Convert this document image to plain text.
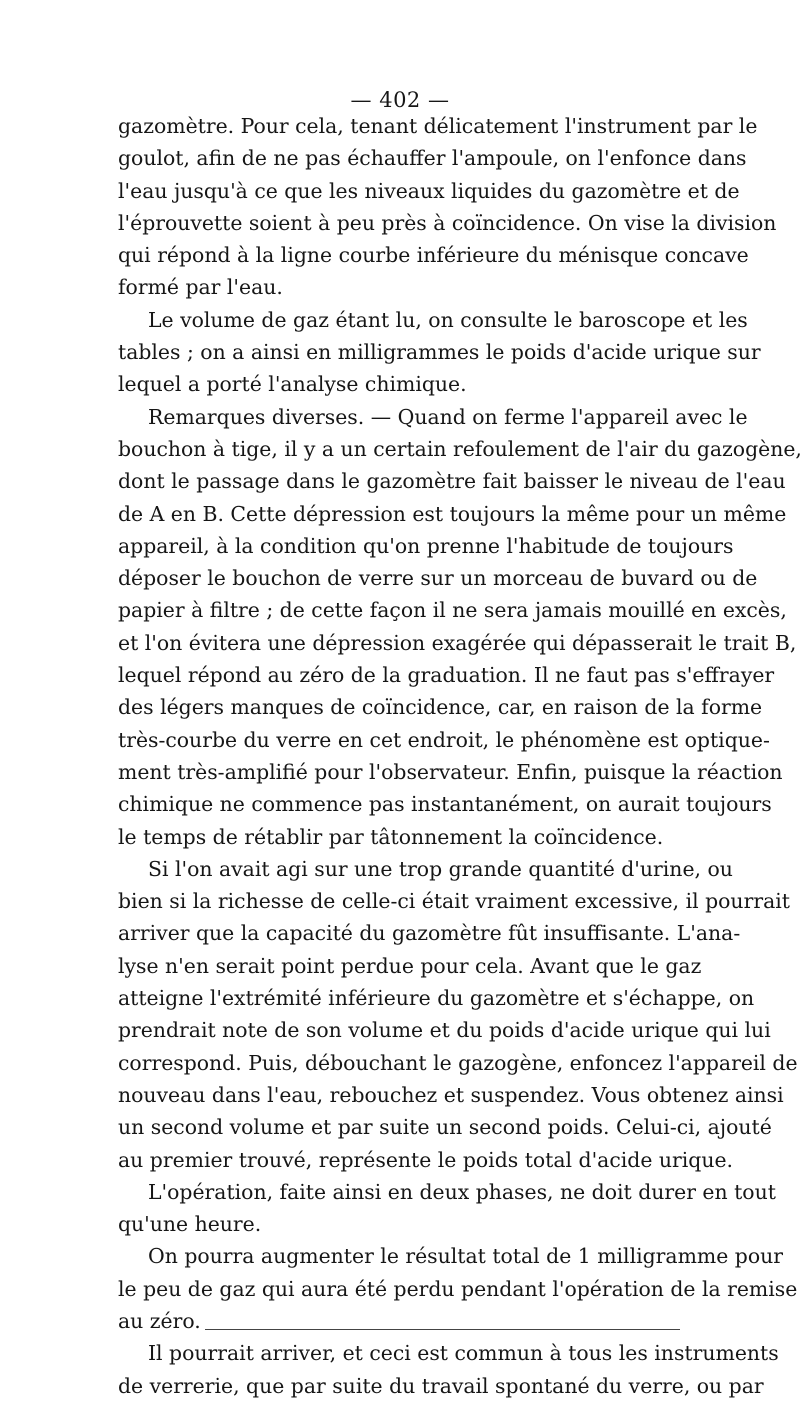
— 402 —
gazomètre. Pour cela, tenant délicatement l'instrument par le
goulot, afin de ne pas échauffer l'ampoule, on l'enfonce dans
l'eau jusqu'à ce que les niveaux liquides du gazomètre et de
l'éprouvette soient à peu près à coïncidence. On vise la division
qui répond à la ligne courbe inférieure du ménisque concave
formé par l'eau.
Le volume de gaz étant lu, on consulte le baroscope et les
tables ; on a ainsi en milligrammes le poids d'acide urique sur
lequel a porté l'analyse chimique.
Remarques diverses. — Quand on ferme l'appareil avec le
bouchon à tige, il y a un certain refoulement de l'air du gazogène,
dont le passage dans le gazomètre fait baisser le niveau de l'eau
de A en B. Cette dépression est toujours la même pour un même
appareil, à la condition qu'on prenne l'habitude de toujours
déposer le bouchon de verre sur un morceau de buvard ou de
papier à filtre ; de cette façon il ne sera jamais mouillé en excès,
et l'on évitera une dépression exagérée qui dépasserait le trait B,
lequel répond au zéro de la graduation. Il ne faut pas s'effrayer
des légers manques de coïncidence, car, en raison de la forme
très-courbe du verre en cet endroit, le phénomène est optique-
ment très-amplifié pour l'observateur. Enfin, puisque la réaction
chimique ne commence pas instantanément, on aurait toujours
le temps de rétablir par tâtonnement la coïncidence.
Si l'on avait agi sur une trop grande quantité d'urine, ou
bien si la richesse de celle-ci était vraiment excessive, il pourrait
arriver que la capacité du gazomètre fût insuffisante. L'ana-
lyse n'en serait point perdue pour cela. Avant que le gaz
atteigne l'extrémité inférieure du gazomètre et s'échappe, on
prendrait note de son volume et du poids d'acide urique qui lui
correspond. Puis, débouchant le gazogène, enfoncez l'appareil de
nouveau dans l'eau, rebouchez et suspendez. Vous obtenez ainsi
un second volume et par suite un second poids. Celui-ci, ajouté
au premier trouvé, représente le poids total d'acide urique.
L'opération, faite ainsi en deux phases, ne doit durer en tout
qu'une heure.
On pourra augmenter le résultat total de 1 milligramme pour
le peu de gaz qui aura été perdu pendant l'opération de la remise
au zéro.
Il pourrait arriver, et ceci est commun à tous les instruments
de verrerie, que par suite du travail spontané du verre, ou par
